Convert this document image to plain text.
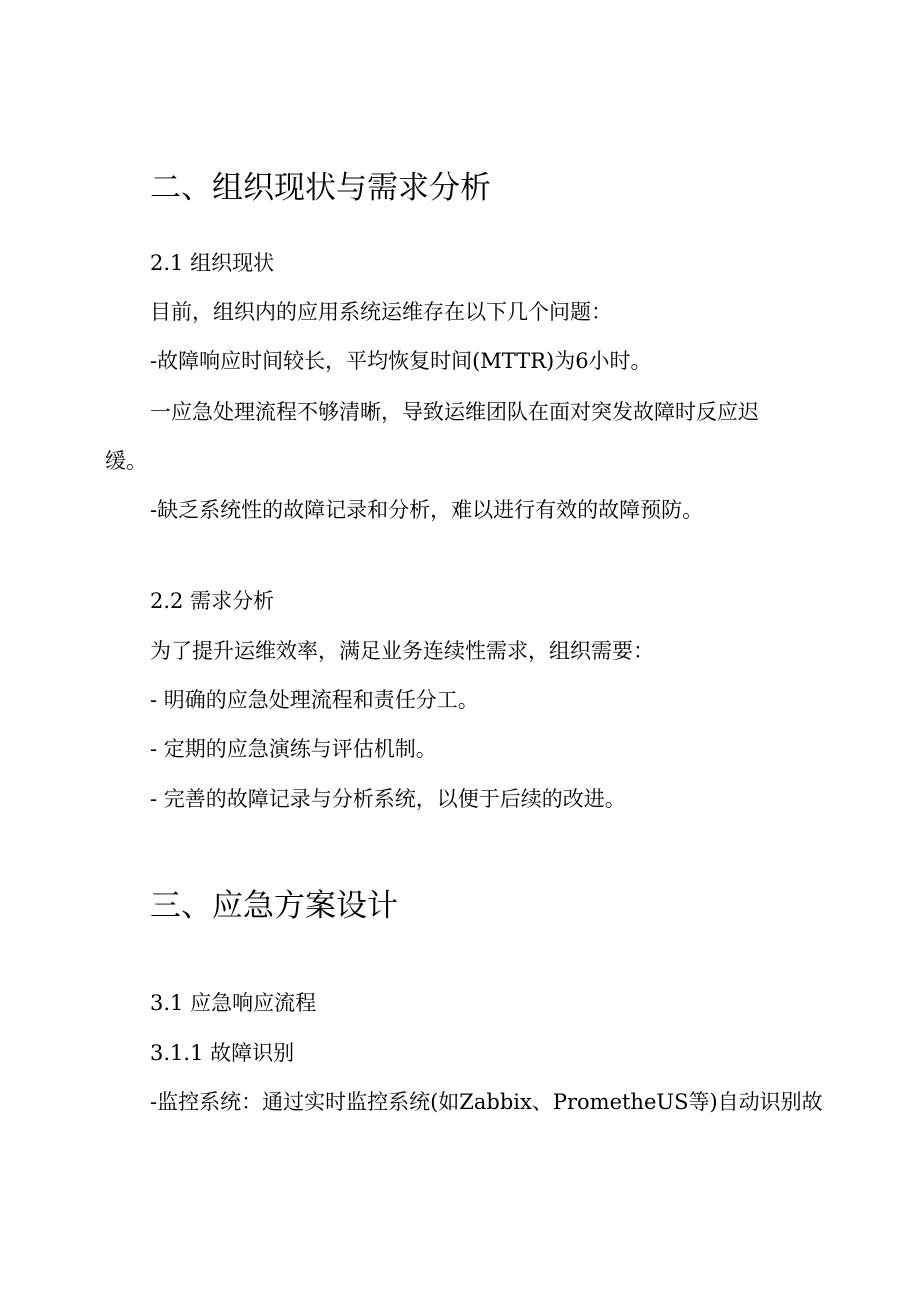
二、组织现状与需求分析
2.1 组织现状
目前，组织内的应用系统运维存在以下几个问题：
-故障响应时间较长，平均恢复时间(MTTR)为6小时。
一应急处理流程不够清晰，导致运维团队在面对突发故障时反应迟
缓。
-缺乏系统性的故障记录和分析，难以进行有效的故障预防。
2.2 需求分析
为了提升运维效率，满足业务连续性需求，组织需要：
- 明确的应急处理流程和责任分工。
- 定期的应急演练与评估机制。
- 完善的故障记录与分析系统，以便于后续的改进。
三、应急方案设计
3.1 应急响应流程
3.1.1 故障识别
-监控系统：通过实时监控系统(如Zabbix、PrometheUS等)自动识别故
